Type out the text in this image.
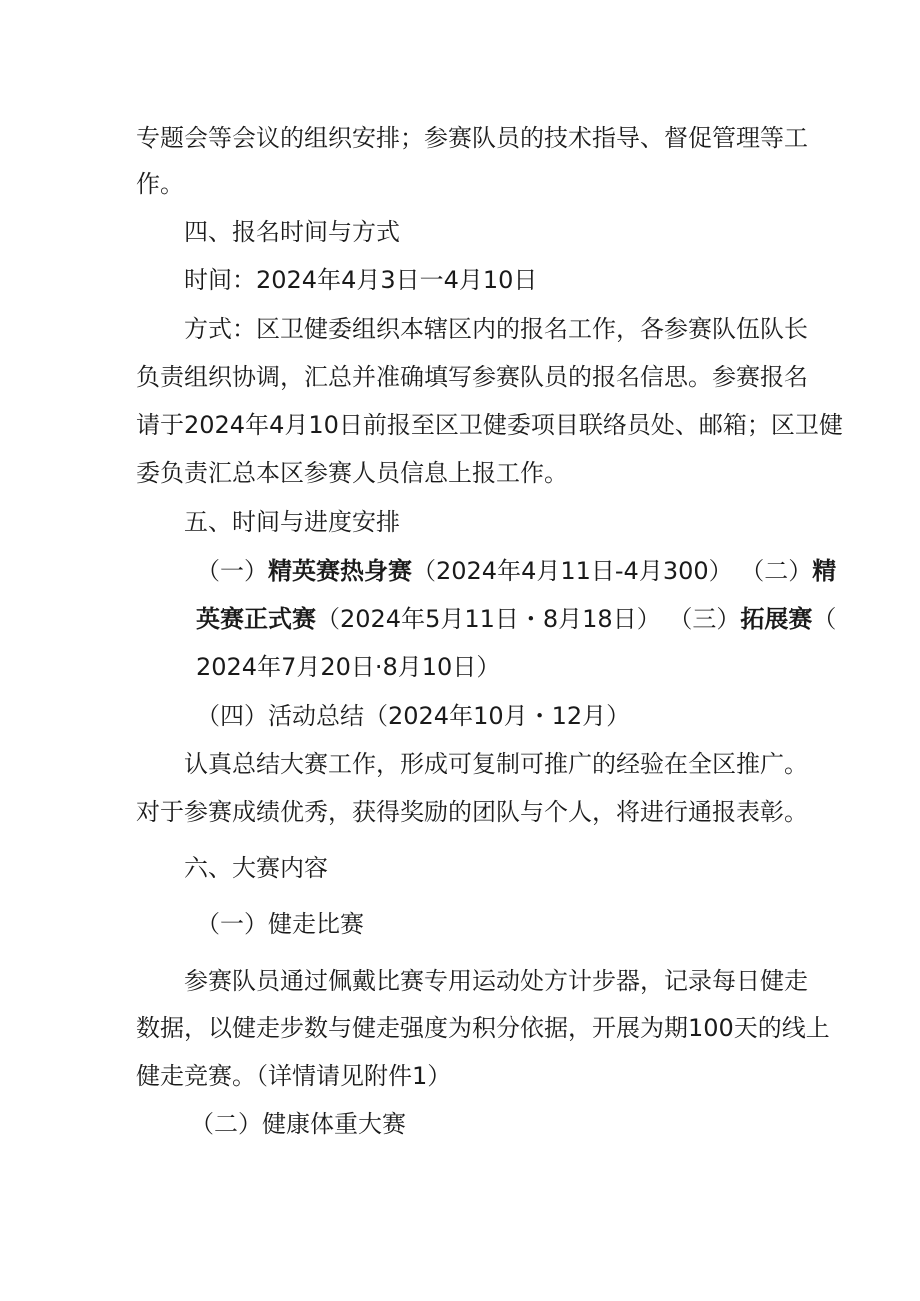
专题会等会议的组织安排；参赛队员的技术指导、督促管理等工
作。
四、报名时间与方式
时间：2024年4月3日一4月10日
方式：区卫健委组织本辖区内的报名工作，各参赛队伍队长
负责组织协调，汇总并准确填写参赛队员的报名信思。参赛报名
请于2024年4月10日前报至区卫健委项目联络员处、邮箱；区卫健
委负责汇总本区参赛人员信息上报工作。
五、时间与进度安排
（一）精英赛热身赛（2024年4月11日-4月300） （二）精
英赛正式赛（2024年5月11日・8月18日） （三）拓展赛（
2024年7月20日·8月10日）
（四）活动总结（2024年10月・12月）
认真总结大赛工作，形成可复制可推广的经验在全区推广。
对于参赛成绩优秀，获得奖励的团队与个人，将进行通报表彰。
六、大赛内容
（一）健走比赛
参赛队员通过佩戴比赛专用运动处方计步器，记录每日健走
数据，以健走步数与健走强度为积分依据，开展为期100天的线上
健走竞赛。（详情请见附件1）
（二）健康体重大赛
